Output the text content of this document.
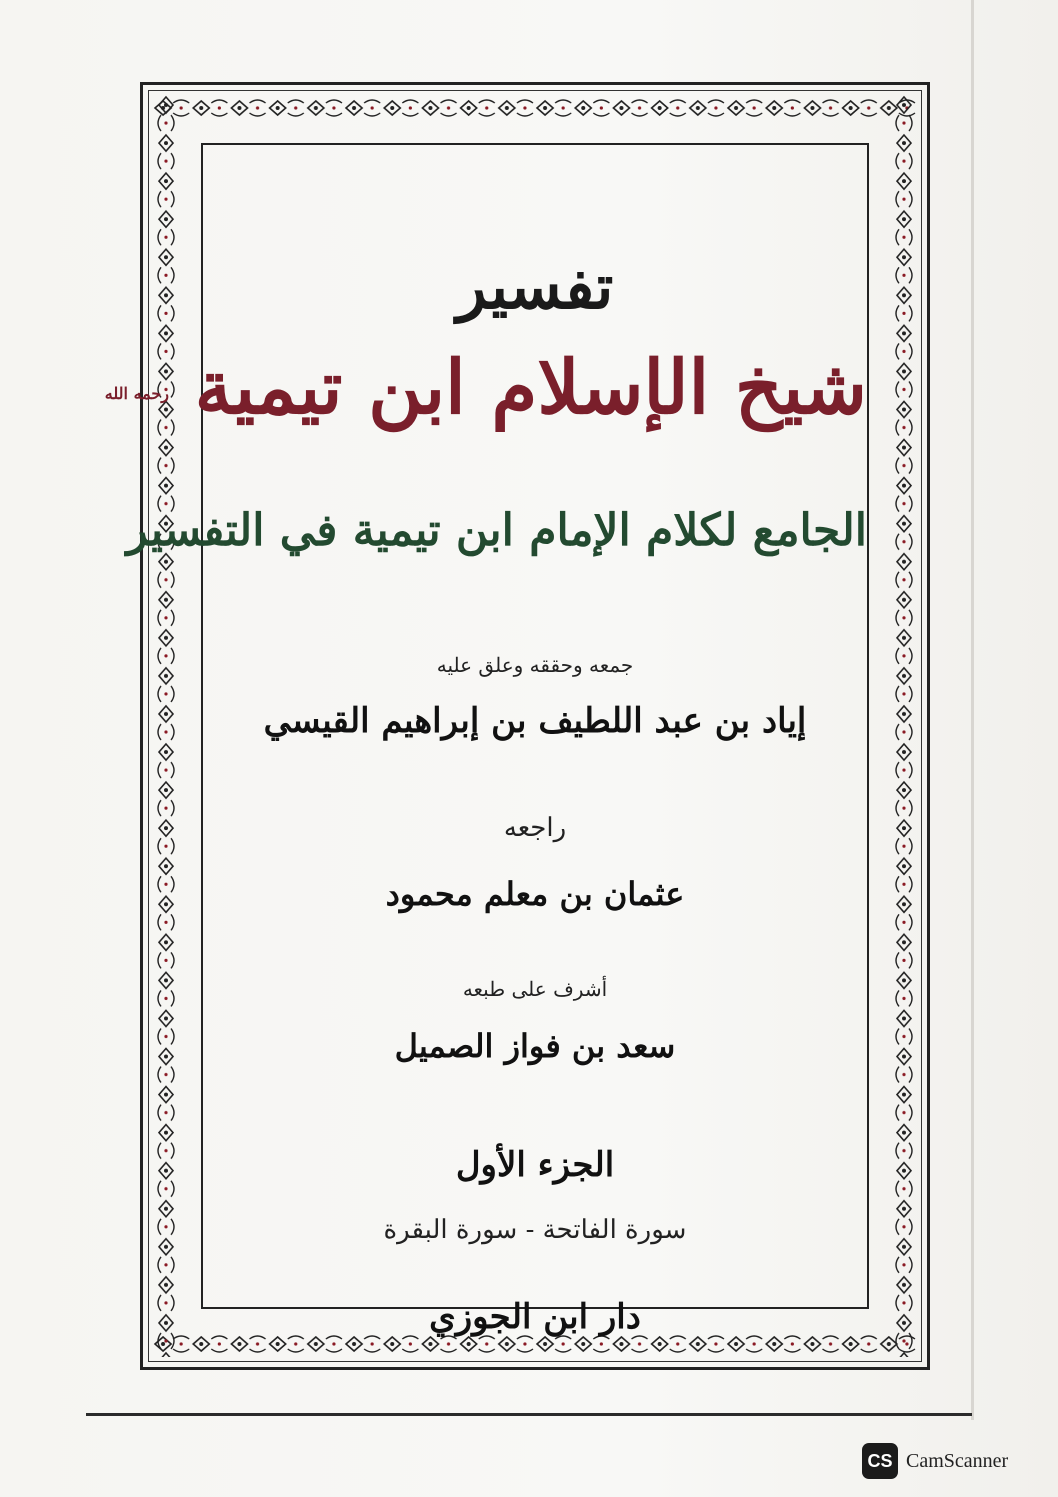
تفسير
شيخ الإسلام ابن تيمية رحمه الله
الجامع لكلام الإمام ابن تيمية في التفسير
جمعه وحققه وعلق عليه
إياد بن عبد اللطيف بن إبراهيم القيسي
راجعه
عثمان بن معلم محمود
أشرف على طبعه
سعد بن فواز الصميل
الجزء الأول
سورة الفاتحة - سورة البقرة
دار ابن الجوزي
CS CamScanner
